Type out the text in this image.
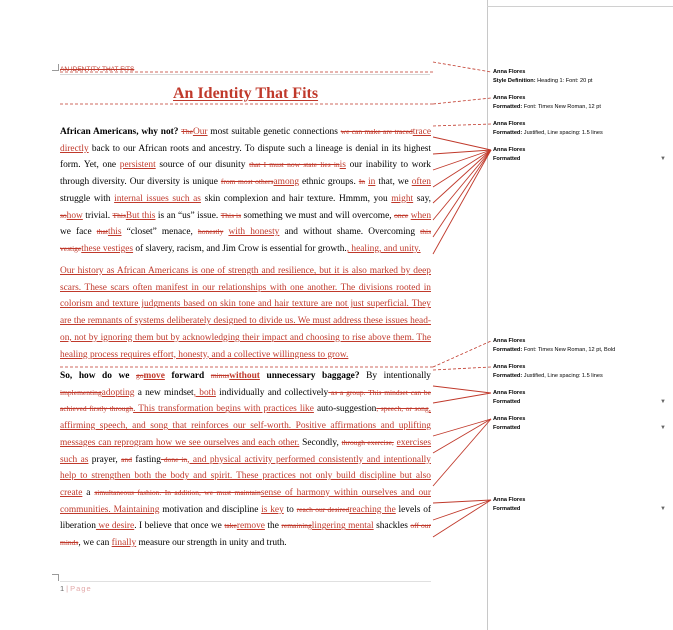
AN IDENTITY THAT FITS
An Identity That Fits

African Americans, why not? TheOur most suitable genetic connections we can make are tracedtrace directly back to our African roots and ancestry. To dispute such a lineage is denial in its highest form. Yet, one persistent source of our disunity that I must now state lies inis our inability to work through diversity. Our diversity is unique from most othersamong ethnic groups. In in that, we often struggle with internal issues such as skin complexion and hair texture. Hmmm, you might say, sohow trivial. ThisBut this is an “us” issue. This is something we must and will overcome, once when we face thatthis “closet” menace, honestly with honesty and without shame. Overcoming this vestigethese vestiges of slavery, racism, and Jim Crow is essential for growth., healing, and unity.

Our history as African Americans is one of strength and resilience, but it is also marked by deep scars. These scars often manifest in our relationships with one another. The divisions rooted in colorism and texture judgments based on skin tone and hair texture are not just superficial. They are the remnants of systems deliberately designed to divide us. We must address these issues head-on, not by ignoring them but by acknowledging their impact and choosing to rise above them. The healing process requires effort, honesty, and a collective willingness to grow.

So, how do we gomove forward minuswithout unnecessary baggage? By intentionally implementingadopting a new mindset, both individually and collectively as a group. This mindset can be achieved firstly through. This transformation begins with practices like auto-suggestion, speech, or song, affirming speech, and song that reinforces our self-worth. Positive affirmations and uplifting messages can reprogram how we see ourselves and each other. Secondly, through exercise, exercises such as prayer, and fasting done in, and physical activity performed consistently and intentionally help to strengthen both the body and spirit. These practices not only build discipline but also create a simultaneous fashion. In addition, we must maintainsense of harmony within ourselves and our communities. Maintaining motivation and discipline is key to reach our desiredreaching the levels of liberation we desire. I believe that once we takeremove the remaininglingering mental shackles off our minds, we can finally measure our strength in unity and truth.

1 | Page
Anna Flores
Style Definition: Heading 1: Font: 20 pt
Anna Flores
Formatted: Font: Times New Roman, 12 pt
Anna Flores
Formatted: Justified, Line spacing: 1.5 lines
Anna Flores
Formatted	▼
Anna Flores
Formatted: Font: Times New Roman, 12 pt, Bold
Anna Flores
Formatted: Justified, Line spacing: 1.5 lines
Anna Flores
Formatted	▼
Anna Flores
Formatted	▼
Anna Flores
Formatted	▼
